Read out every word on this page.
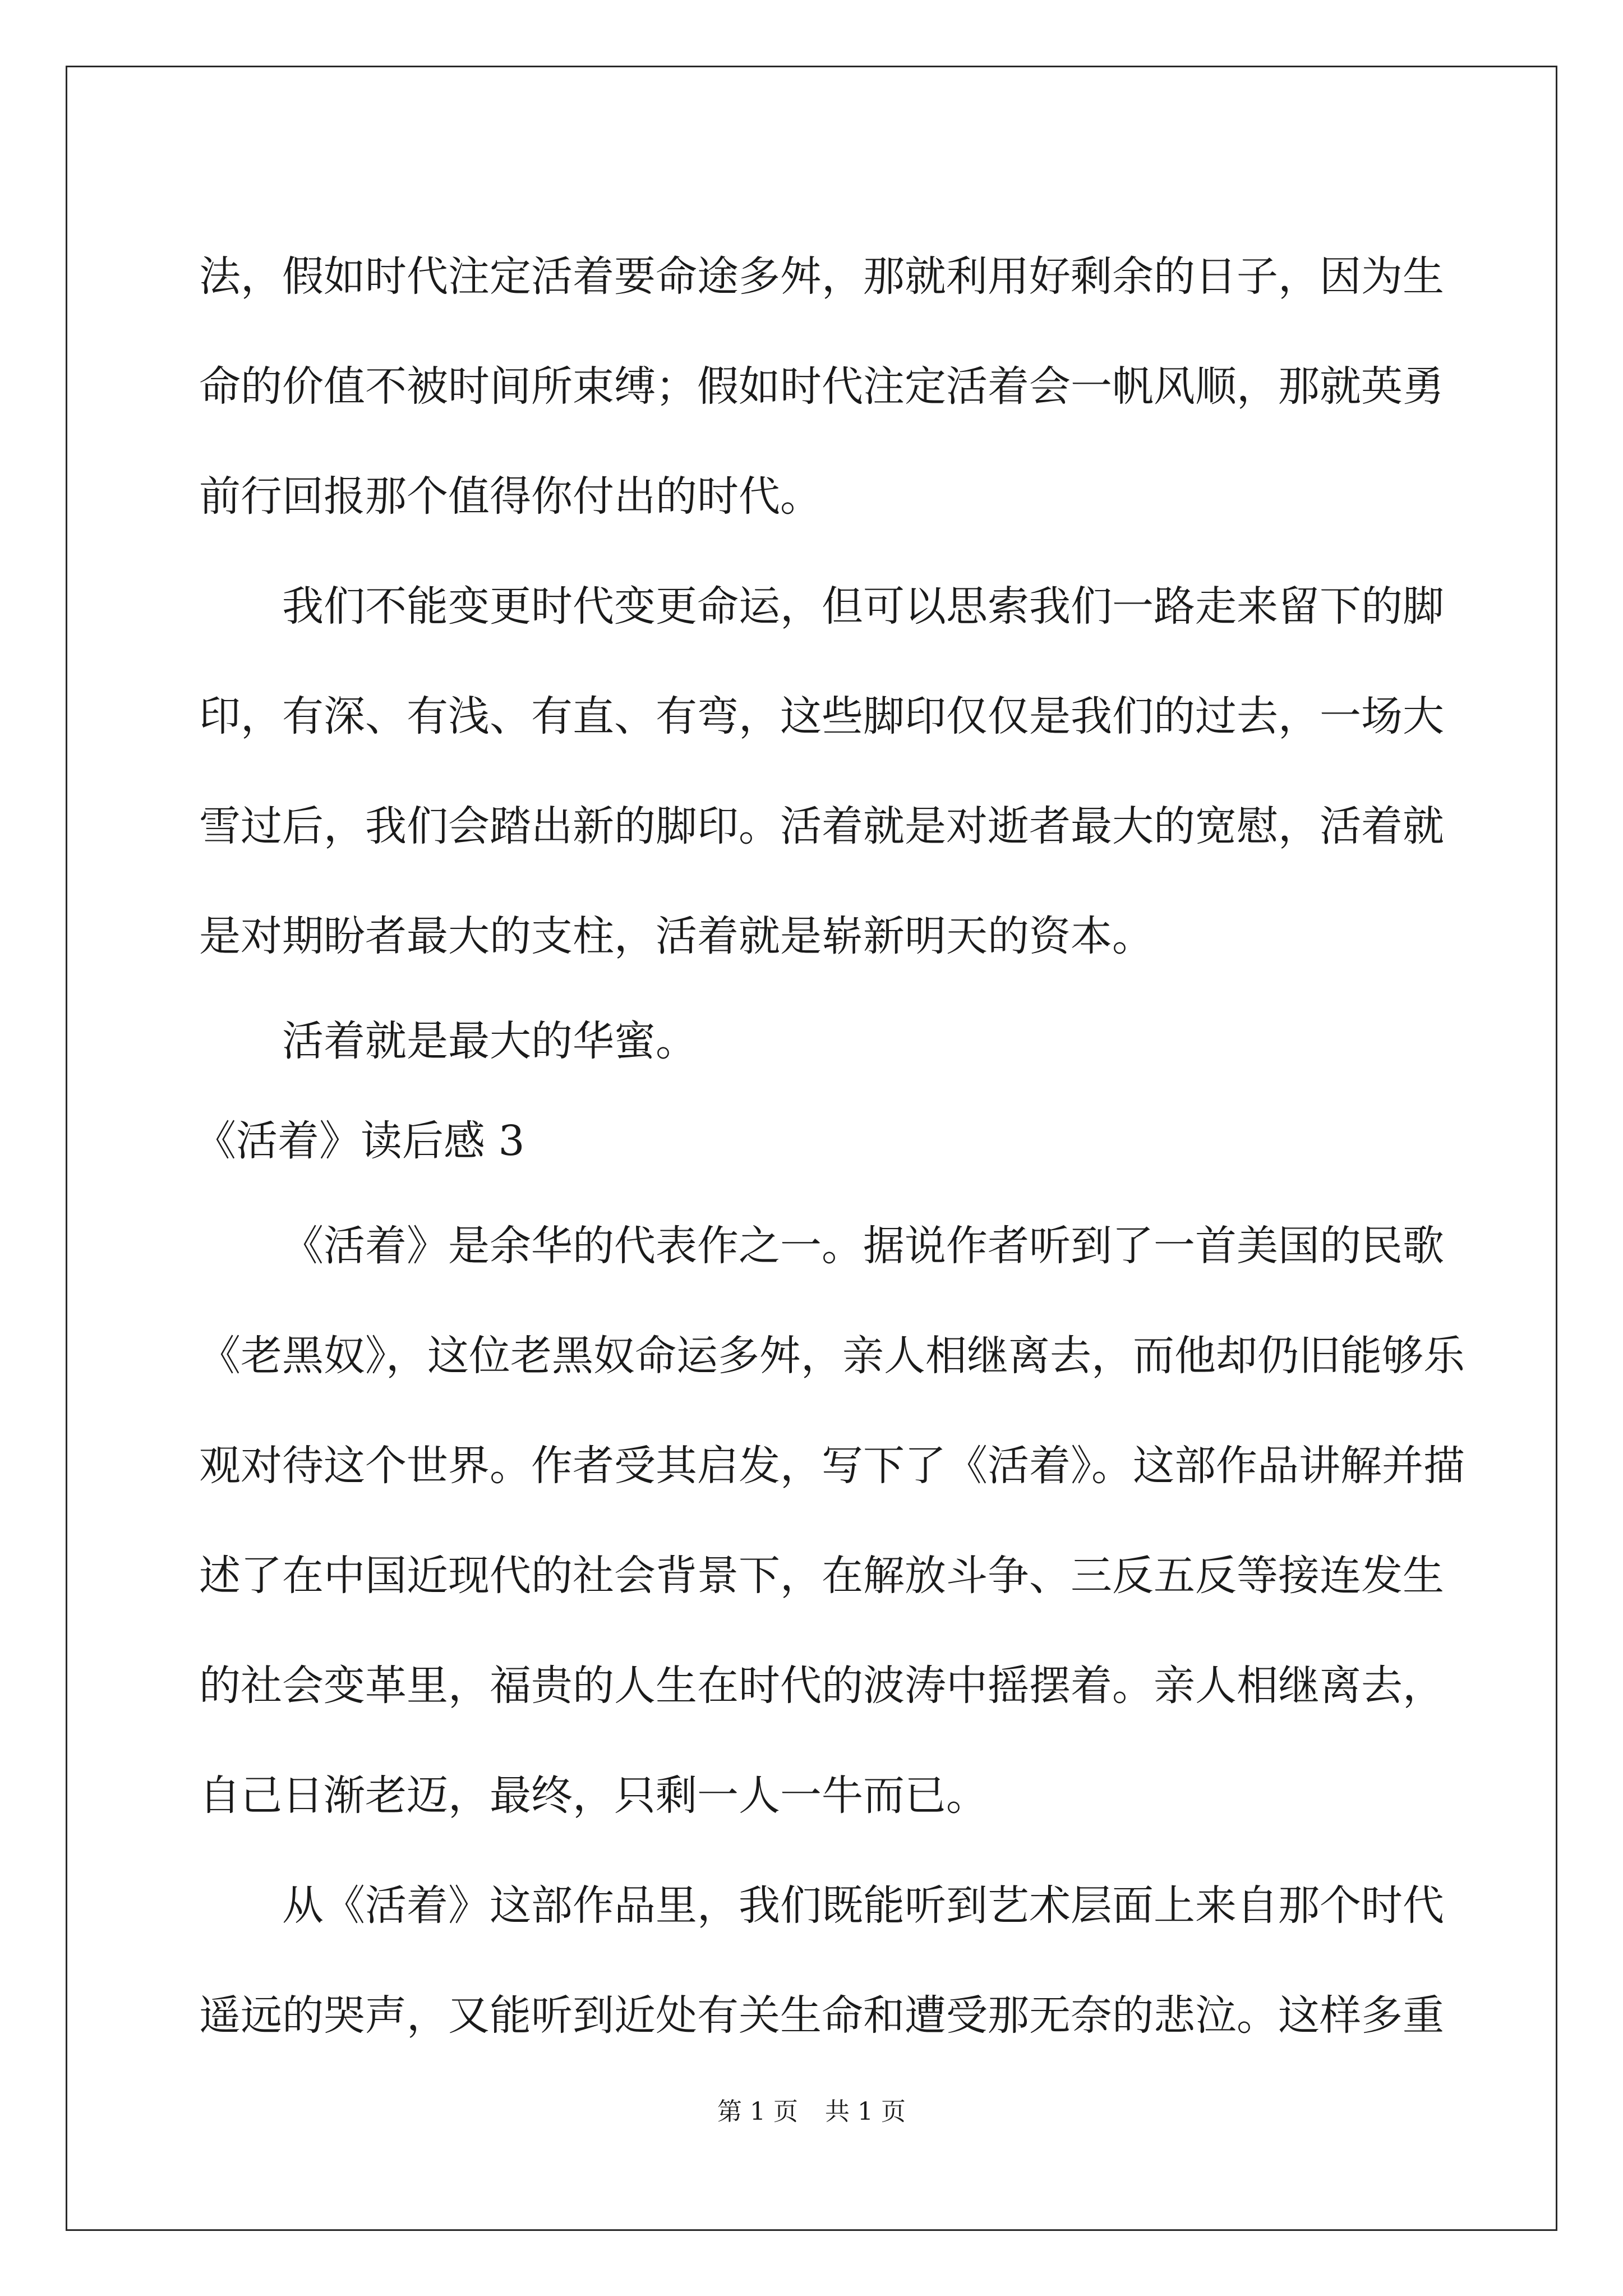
法，假如时代注定活着要命途多舛，那就利用好剩余的日子，因为生
命的价值不被时间所束缚；假如时代注定活着会一帆风顺，那就英勇
前行回报那个值得你付出的时代。
我们不能变更时代变更命运，但可以思索我们一路走来留下的脚
印，有深、有浅、有直、有弯，这些脚印仅仅是我们的过去，一场大
雪过后，我们会踏出新的脚印。活着就是对逝者最大的宽慰，活着就
是对期盼者最大的支柱，活着就是崭新明天的资本。
活着就是最大的华蜜。
《活着》读后感 3
《活着》是余华的代表作之一。据说作者听到了一首美国的民歌
《老黑奴》，这位老黑奴命运多舛，亲人相继离去，而他却仍旧能够乐
观对待这个世界。作者受其启发，写下了《活着》。这部作品讲解并描
述了在中国近现代的社会背景下，在解放斗争、三反五反等接连发生
的社会变革里，福贵的人生在时代的波涛中摇摆着。亲人相继离去，
自己日渐老迈，最终，只剩一人一牛而已。
从《活着》这部作品里，我们既能听到艺术层面上来自那个时代
遥远的哭声，又能听到近处有关生命和遭受那无奈的悲泣。这样多重
第 1 页 共 1 页
